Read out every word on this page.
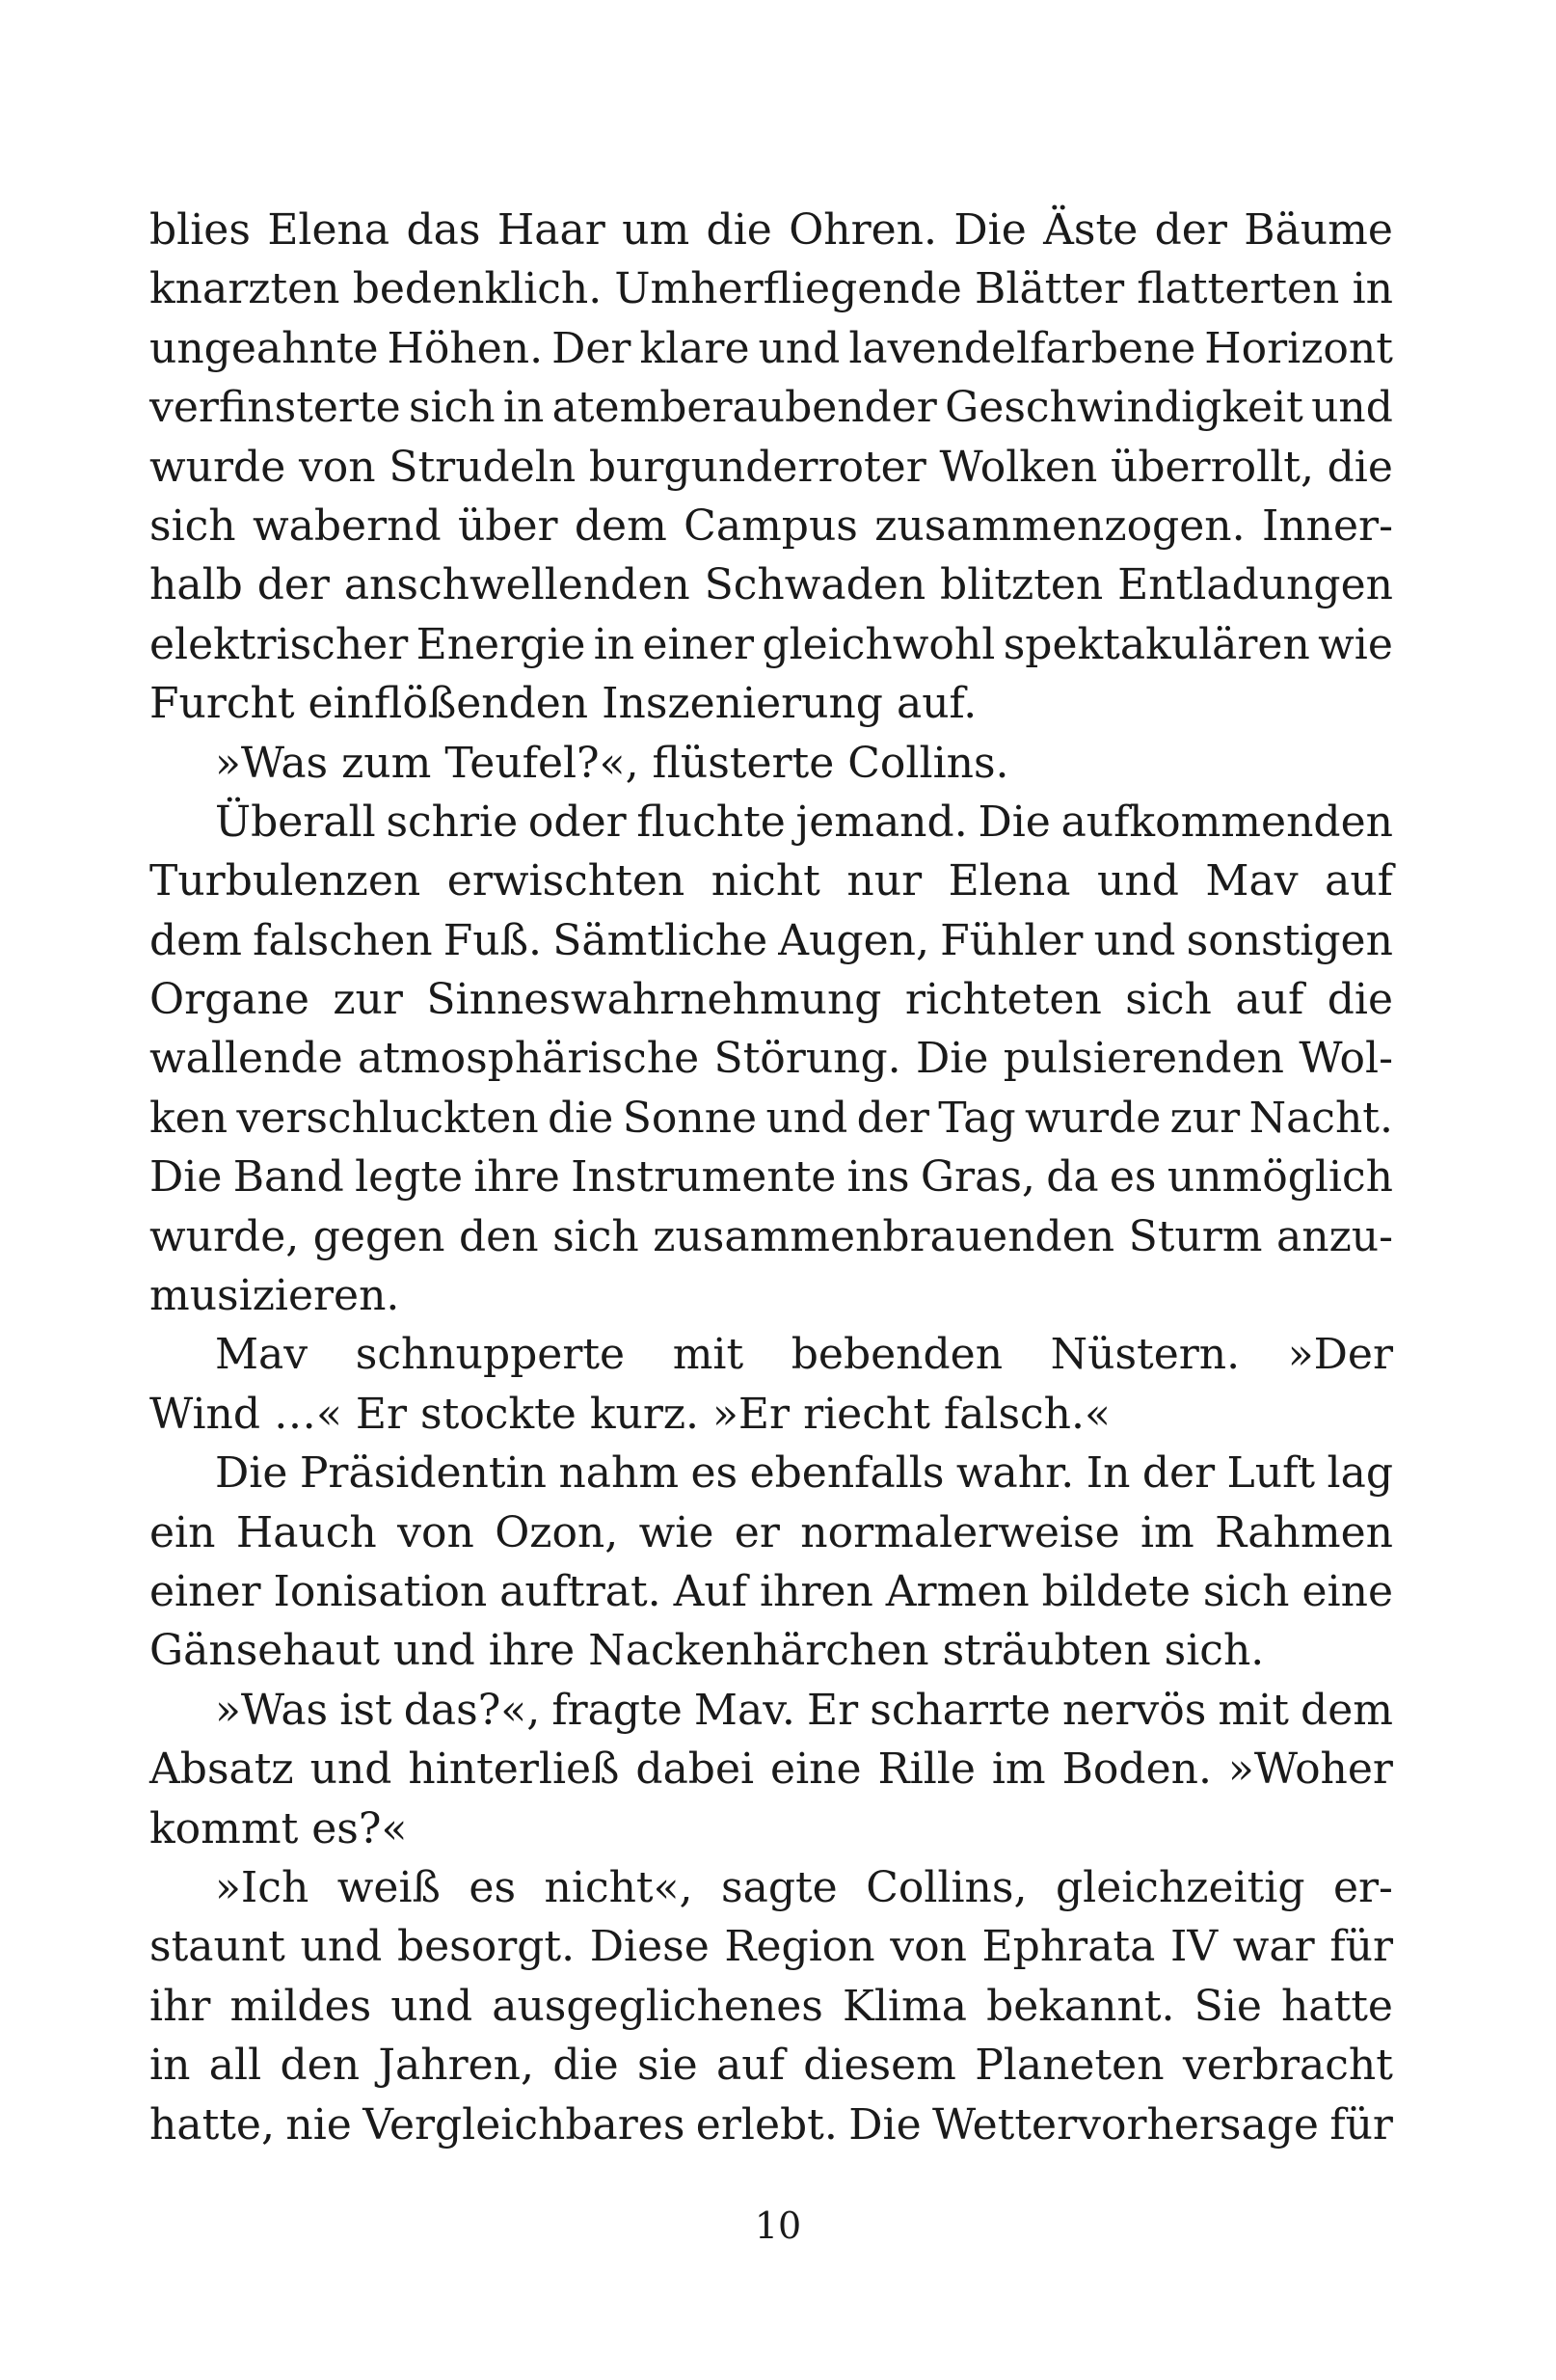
blies Elena das Haar um die Ohren. Die Äste der Bäume
knarzten bedenklich. Umherfliegende Blätter flatterten in
ungeahnte Höhen. Der klare und lavendelfarbene Horizont
verfinsterte sich in atemberaubender Geschwindigkeit und
wurde von Strudeln burgunderroter Wolken überrollt, die
sich wabernd über dem Campus zusammenzogen. Inner-
halb der anschwellenden Schwaden blitzten Entladungen
elektrischer Energie in einer gleichwohl spektakulären wie
Furcht einflößenden Inszenierung auf.
»Was zum Teufel?«, flüsterte Collins.
Überall schrie oder fluchte jemand. Die aufkommenden
Turbulenzen erwischten nicht nur Elena und Mav auf
dem falschen Fuß. Sämtliche Augen, Fühler und sonstigen
Organe zur Sinneswahrnehmung richteten sich auf die
wallende atmosphärische Störung. Die pulsierenden Wol-
ken verschluckten die Sonne und der Tag wurde zur Nacht.
Die Band legte ihre Instrumente ins Gras, da es unmöglich
wurde, gegen den sich zusammenbrauenden Sturm anzu-
musizieren.
Mav schnupperte mit bebenden Nüstern. »Der
Wind …« Er stockte kurz. »Er riecht falsch.«
Die Präsidentin nahm es ebenfalls wahr. In der Luft lag
ein Hauch von Ozon, wie er normalerweise im Rahmen
einer Ionisation auftrat. Auf ihren Armen bildete sich eine
Gänsehaut und ihre Nackenhärchen sträubten sich.
»Was ist das?«, fragte Mav. Er scharrte nervös mit dem
Absatz und hinterließ dabei eine Rille im Boden. »Woher
kommt es?«
»Ich weiß es nicht«, sagte Collins, gleichzeitig er-
staunt und besorgt. Diese Region von Ephrata IV war für
ihr mildes und ausgeglichenes Klima bekannt. Sie hatte
in all den Jahren, die sie auf diesem Planeten verbracht
hatte, nie Vergleichbares erlebt. Die Wettervorhersage für
10
